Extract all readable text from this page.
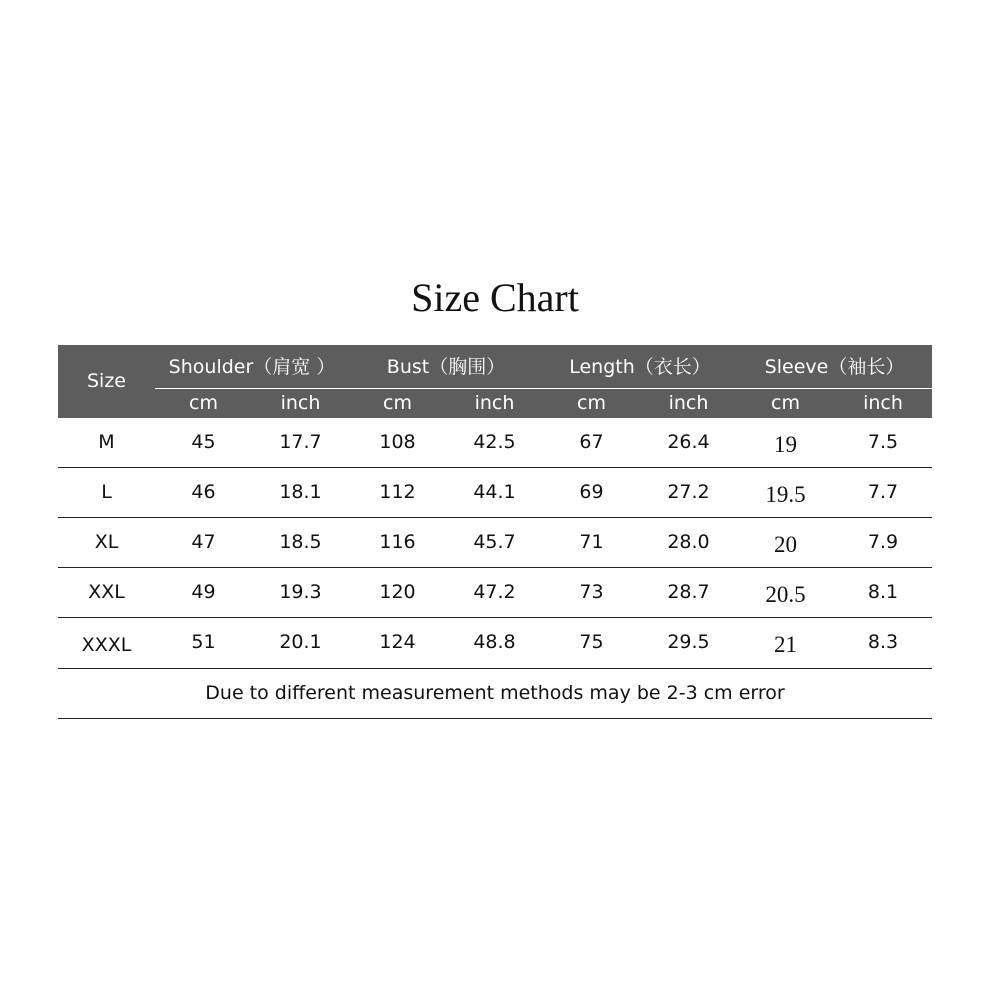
Size Chart
Size
Shoulder（肩宽 ）	Bust（胸围）	Length（衣长）	Sleeve（袖长）
cm	inch	cm	inch	cm	inch	cm	inch
M	45	17.7	108	42.5	67	26.4	19	7.5
L	46	18.1	112	44.1	69	27.2	19.5	7.7
XL	47	18.5	116	45.7	71	28.0	20	7.9
XXL	49	19.3	120	47.2	73	28.7	20.5	8.1
XXXL	51	20.1	124	48.8	75	29.5	21	8.3
Due to different measurement methods may be 2-3 cm error
